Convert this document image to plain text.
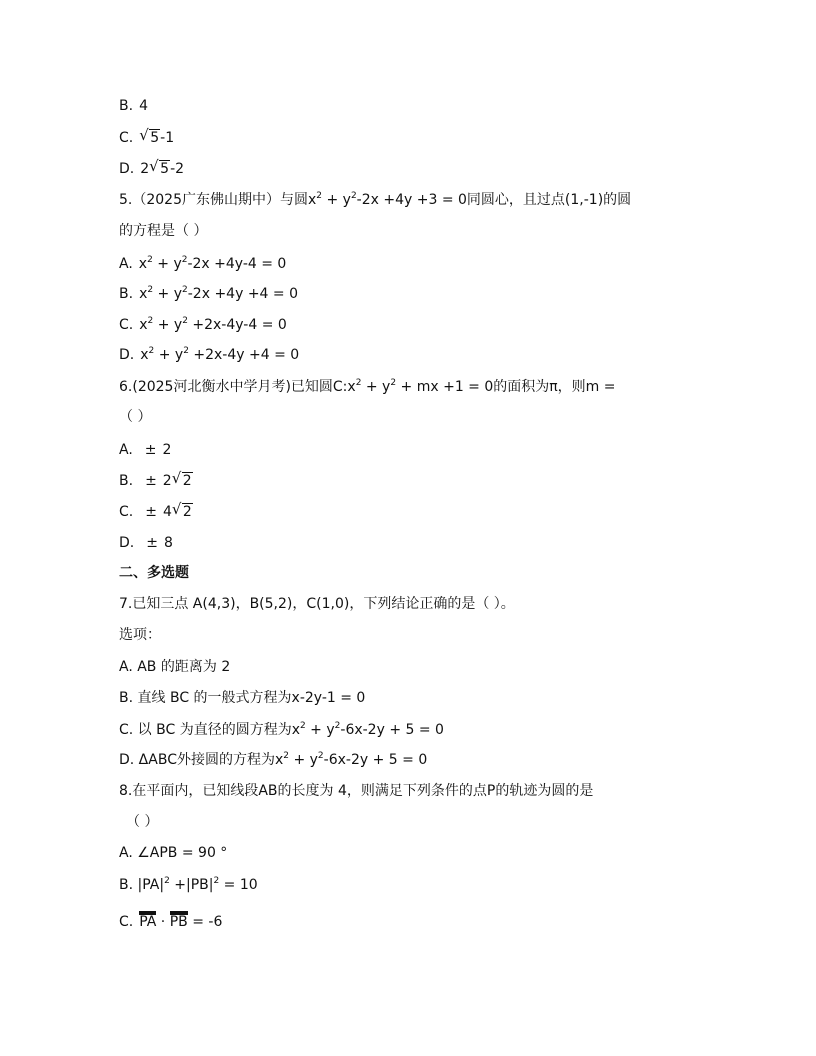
B. 4
C. √ 5-1
D. 2 √ 5-2
5.（2025广东佛山期中）与圆$x^2 + y^2-2x +4y +3 = 0$同圆心，且过点(1,-1)的圆
的方程是（ ）
A. $x^2 + y^2-2x +4y-4 = 0$
B. $x^2 + y^2-2x +4y +4 = 0$
C. $x^2 + y^2 +2x-4y-4 = 0$
D. $x^2 + y^2 +2x-4y +4 = 0$
6.(2025河北衡水中学月考)已知圆$C:x^2 + y^2$ + mx +1 = 0的面积为π，则m =
（ ）
A. ± 2
B. ± 2 √ 2
C. ± 4 √ 2
D. ± 8
二、多选题
7.已知三点 A(4,3)，B(5,2)，C(1,0)，下列结论正确的是（ ）。
选项：
A. AB 的距离为 2
B. 直线 BC 的一般式方程为x-2y-1 = 0
C. 以 BC 为直径的圆方程为$x^2 + y^2-6x-2y + 5 = 0$
D. ΔABC外接圆的方程为$x^2 + y^2-6x-2y + 5 = 0$
8.在平面内，已知线段AB的长度为 4，则满足下列条件的点P的轨迹为圆的是
（ ）
A. ∠APB = 90 °
B. $|PA|^2 +|PB|^2 = 10$
C. PA · PB = -6
